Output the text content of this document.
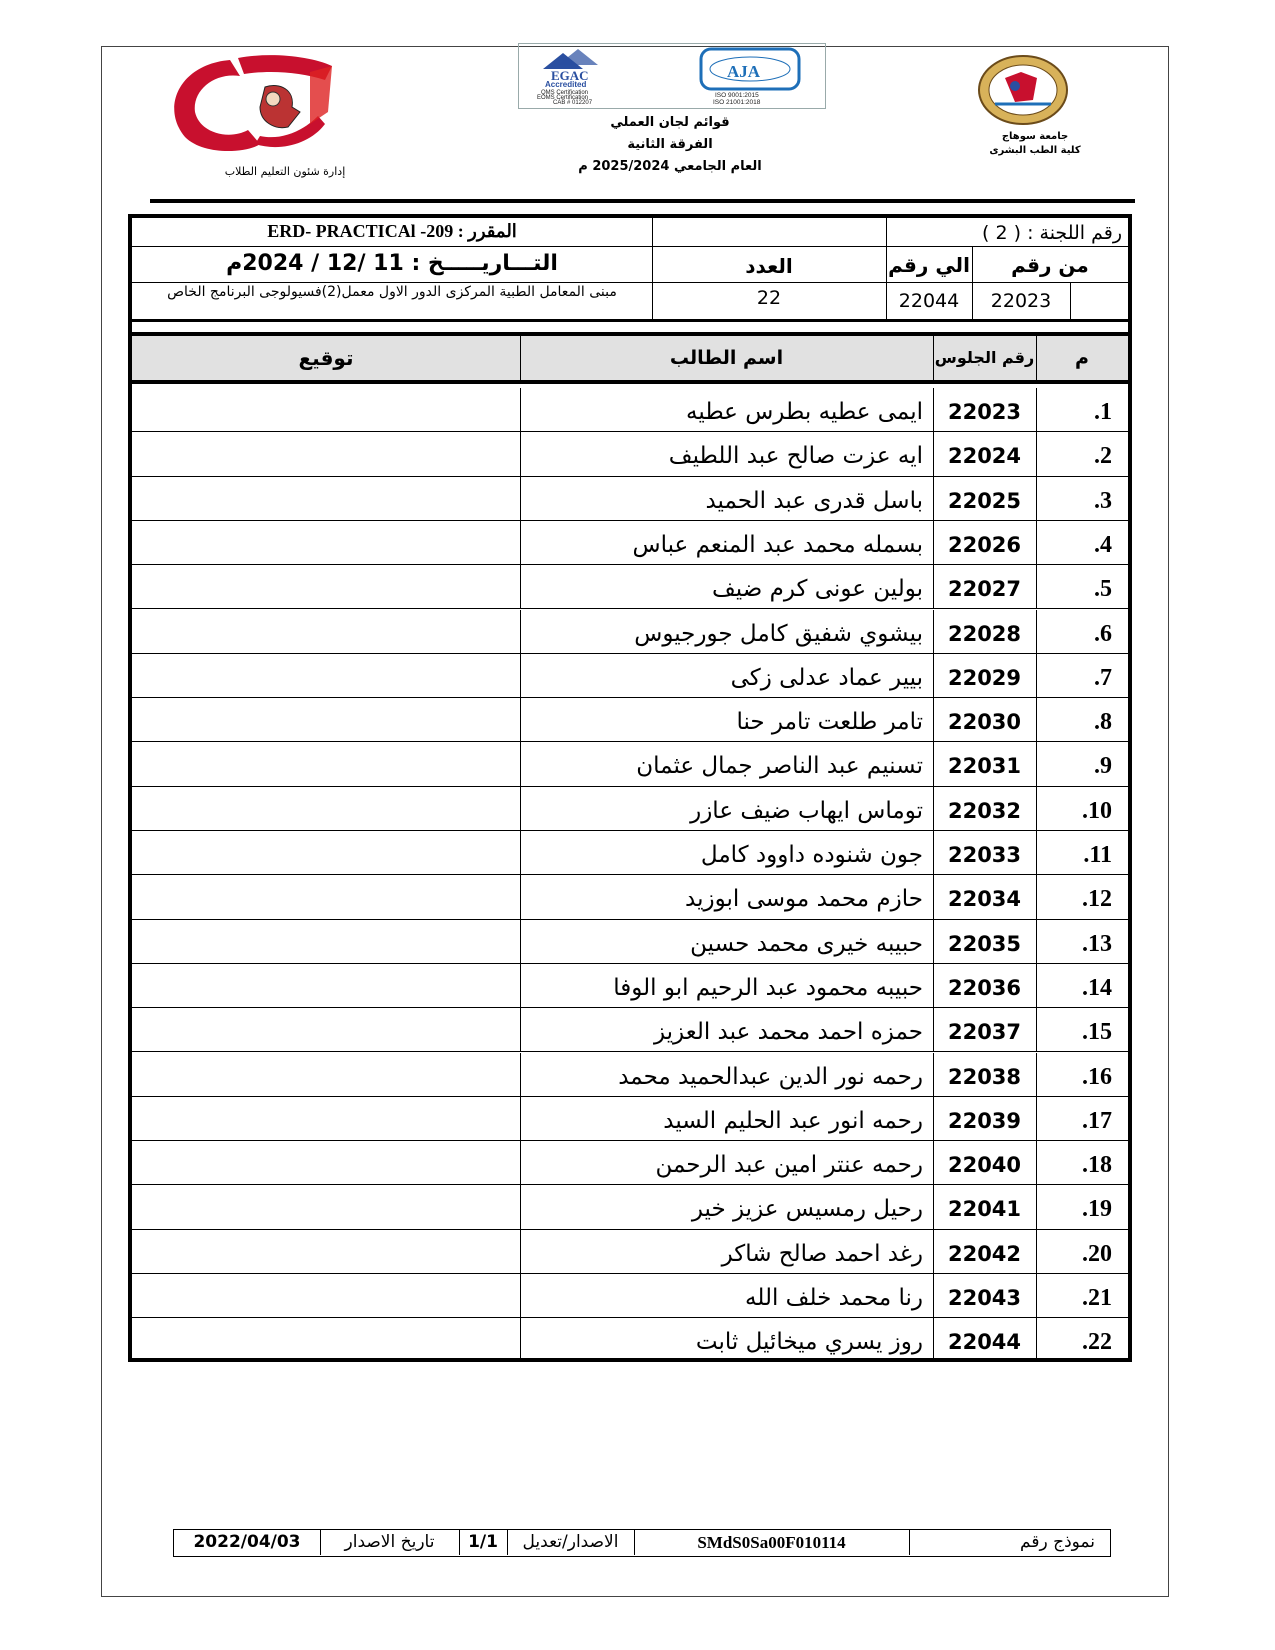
إدارة شئون التعليم الطلاب
EGAC
Accredited
QMS Certification
EOMS Certification
CAB # 012207
AJA
ISO 9001:2015
ISO 21001:2018
قوائم لجان العملي
الفرقة الثانية
العام الجامعي 2025/2024 م
جامعة سوهاج
كلية الطب البشرى
رقم اللجنة : ( 2 )
المقرر : 209- ERD- PRACTICAl
التـــاريـــــخ : 11 /12 / 2024م	العدد	الي رقم	من رقم
مبنى المعامل الطبية المركزى الدور الاول معمل(2)فسيولوجى البرنامج الخاص	22	22044	22023
م
رقم الجلوس
اسم الطالب
توقيع
1.
22023
ايمى عطيه بطرس عطيه
2.
22024
ايه عزت صالح عبد اللطيف
3.
22025
باسل قدرى عبد الحميد
4.
22026
بسمله محمد عبد المنعم عباس
5.
22027
بولين عونى كرم ضيف
6.
22028
بيشوي شفيق كامل جورجيوس
7.
22029
بيير عماد عدلى زكى
8.
22030
تامر طلعت تامر حنا
9.
22031
تسنيم عبد الناصر جمال عثمان
10.
22032
توماس ايهاب ضيف عازر
11.
22033
جون شنوده داوود كامل
12.
22034
حازم محمد موسى ابوزيد
13.
22035
حبيبه خيرى محمد حسين
14.
22036
حبيبه محمود عبد الرحيم ابو الوفا
15.
22037
حمزه احمد محمد عبد العزيز
16.
22038
رحمه نور الدين عبدالحميد محمد
17.
22039
رحمه انور عبد الحليم السيد
18.
22040
رحمه عنتر امين عبد الرحمن
19.
22041
رحيل رمسيس عزيز خير
20.
22042
رغد احمد صالح شاكر
21.
22043
رنا محمد خلف الله
22.
22044
روز يسري ميخائيل ثابت
2022/04/03	تاريخ الاصدار	1/1	الاصدار/تعديل	SMdS0Sa00F010114	نموذج رقم
